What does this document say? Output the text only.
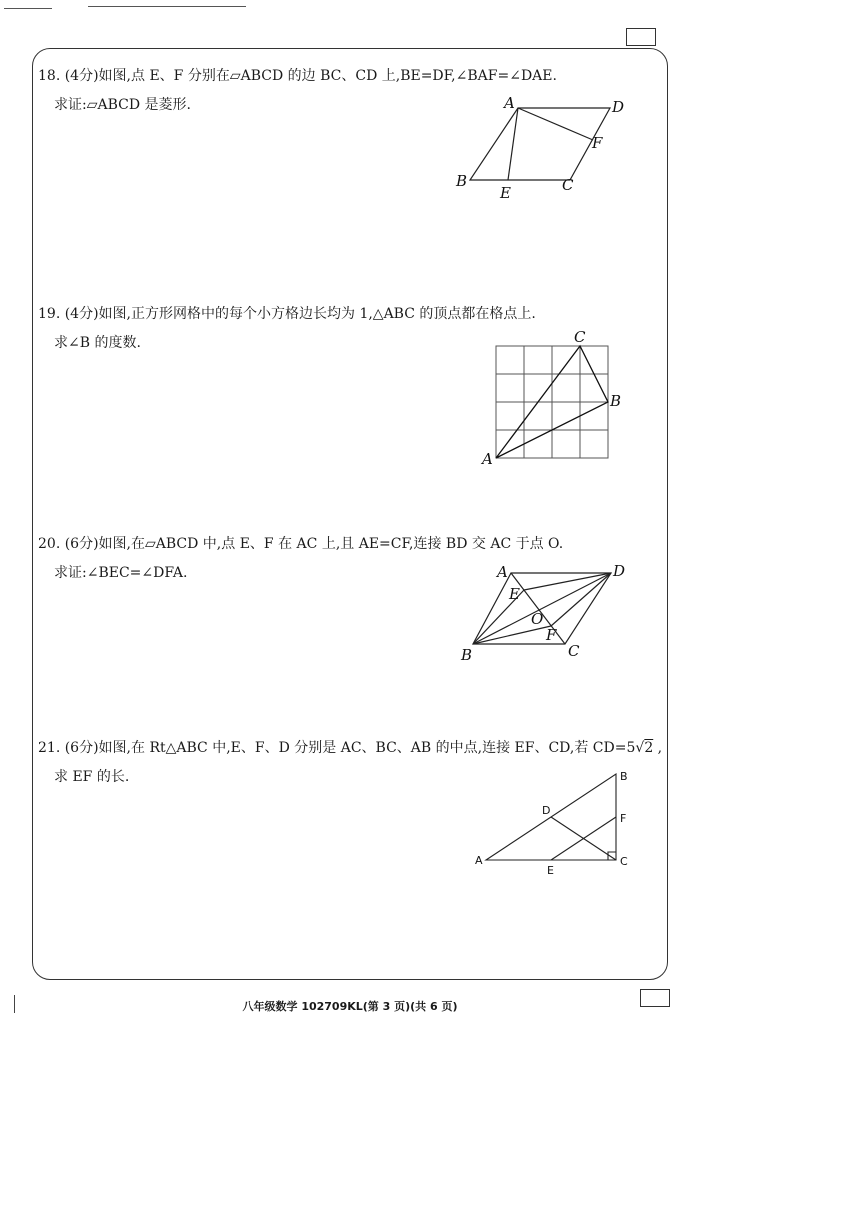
18. (4分)如图,点 E、F 分别在▱ABCD 的边 BC、CD 上,BE=DF,∠BAF=∠DAE.
求证:▱ABCD 是菱形.	A	D
F
B
E	C
19. (4分)如图,正方形网格中的每个小方格边长均为 1,△ABC 的顶点都在格点上.
求∠B 的度数.	C
B
A
20. (6分)如图,在▱ABCD 中,点 E、F 在 AC 上,且 AE=CF,连接 BD 交 AC 于点 O.
求证:∠BEC=∠DFA.	A	D
E
O
F
B	C
21. (6分)如图,在 Rt△ABC 中,E、F、D 分别是 AC、BC、AB 的中点,连接 EF、CD,若 CD=5√2 ,
求 EF 的长.	B
D
F
A
E
C
八年级数学 102709KL(第 3 页)(共 6 页)
